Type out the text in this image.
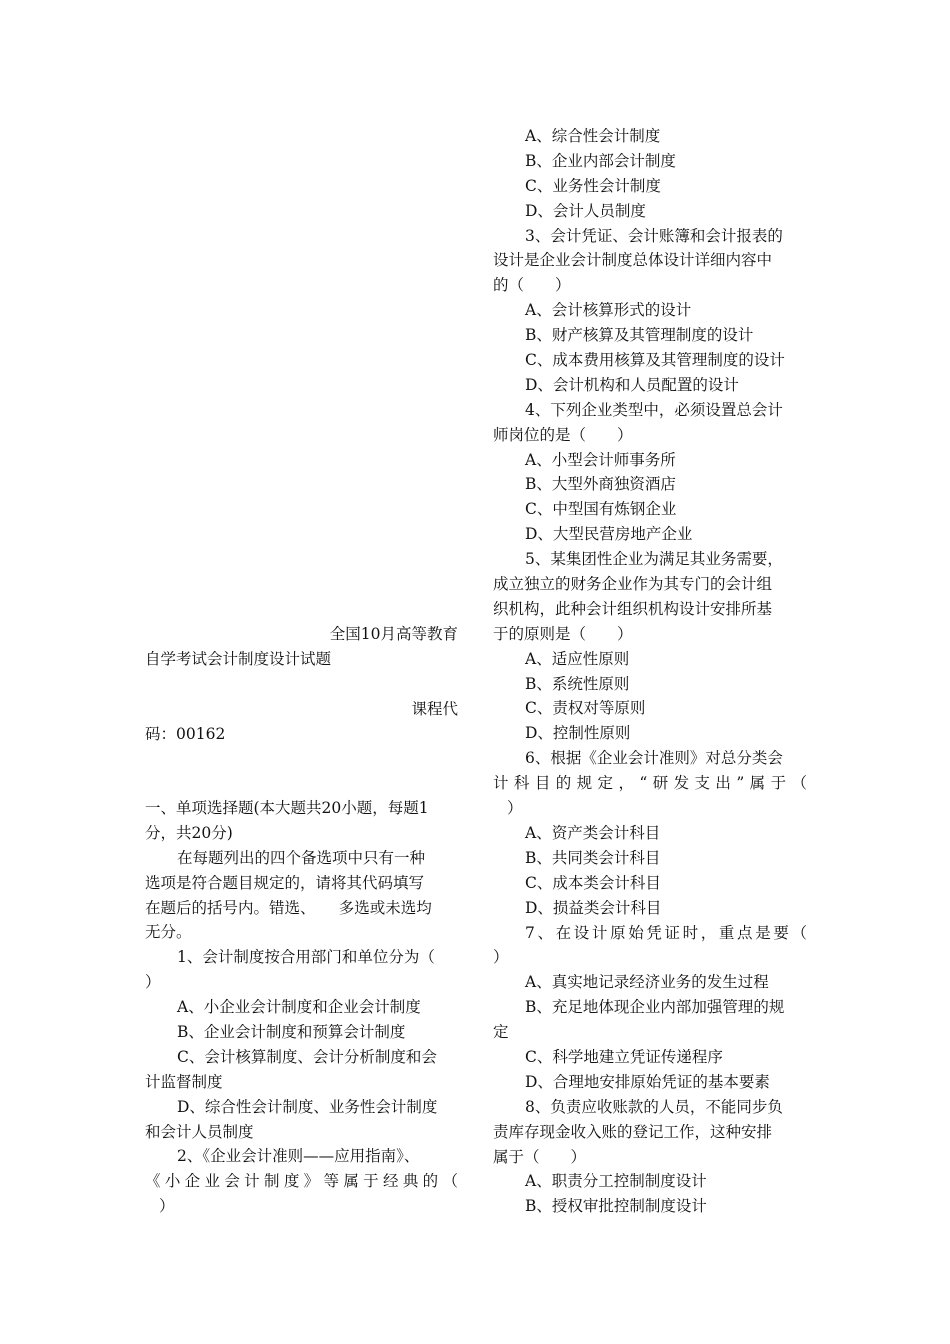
全国10月高等教育
自学考试会计制度设计试题
课程代
码：00162
一、单项选择题(本大题共20小题，每题1
分，共20分)
在每题列出的四个备选项中只有一种
选项是符合题目规定的，请将其代码填写
在题后的括号内。错选、　　多选或未选均
无分。
1、会计制度按合用部门和单位分为（
）
A、小企业会计制度和企业会计制度
B、企业会计制度和预算会计制度
C、会计核算制度、会计分析制度和会
计监督制度
D、综合性会计制度、业务性会计制度
和会计人员制度
2、《企业会计准则——应用指南》、
《小企业会计制度》等属于经典的（
）
A、综合性会计制度
B、企业内部会计制度
C、业务性会计制度
D、会计人员制度
3、会计凭证、会计账簿和会计报表的
设计是企业会计制度总体设计详细内容中
的（　　）
A、会计核算形式的设计
B、财产核算及其管理制度的设计
C、成本费用核算及其管理制度的设计
D、会计机构和人员配置的设计
4、下列企业类型中，必须设置总会计
师岗位的是（　　）
A、小型会计师事务所
B、大型外商独资酒店
C、中型国有炼钢企业
D、大型民营房地产企业
5、某集团性企业为满足其业务需要，
成立独立的财务企业作为其专门的会计组
织机构，此种会计组织机构设计安排所基
于的原则是（　　）
A、适应性原则
B、系统性原则
C、责权对等原则
D、控制性原则
6、根据《企业会计准则》对总分类会
计科目的规定，“研发支出”属于（
）
A、资产类会计科目
B、共同类会计科目
C、成本类会计科目
D、损益类会计科目
7、在设计原始凭证时，重点是要（
）
A、真实地记录经济业务的发生过程
B、充足地体现企业内部加强管理的规
定
C、科学地建立凭证传递程序
D、合理地安排原始凭证的基本要素
8、负责应收账款的人员，不能同步负
责库存现金收入账的登记工作，这种安排
属于（　　）
A、职责分工控制制度设计
B、授权审批控制制度设计
